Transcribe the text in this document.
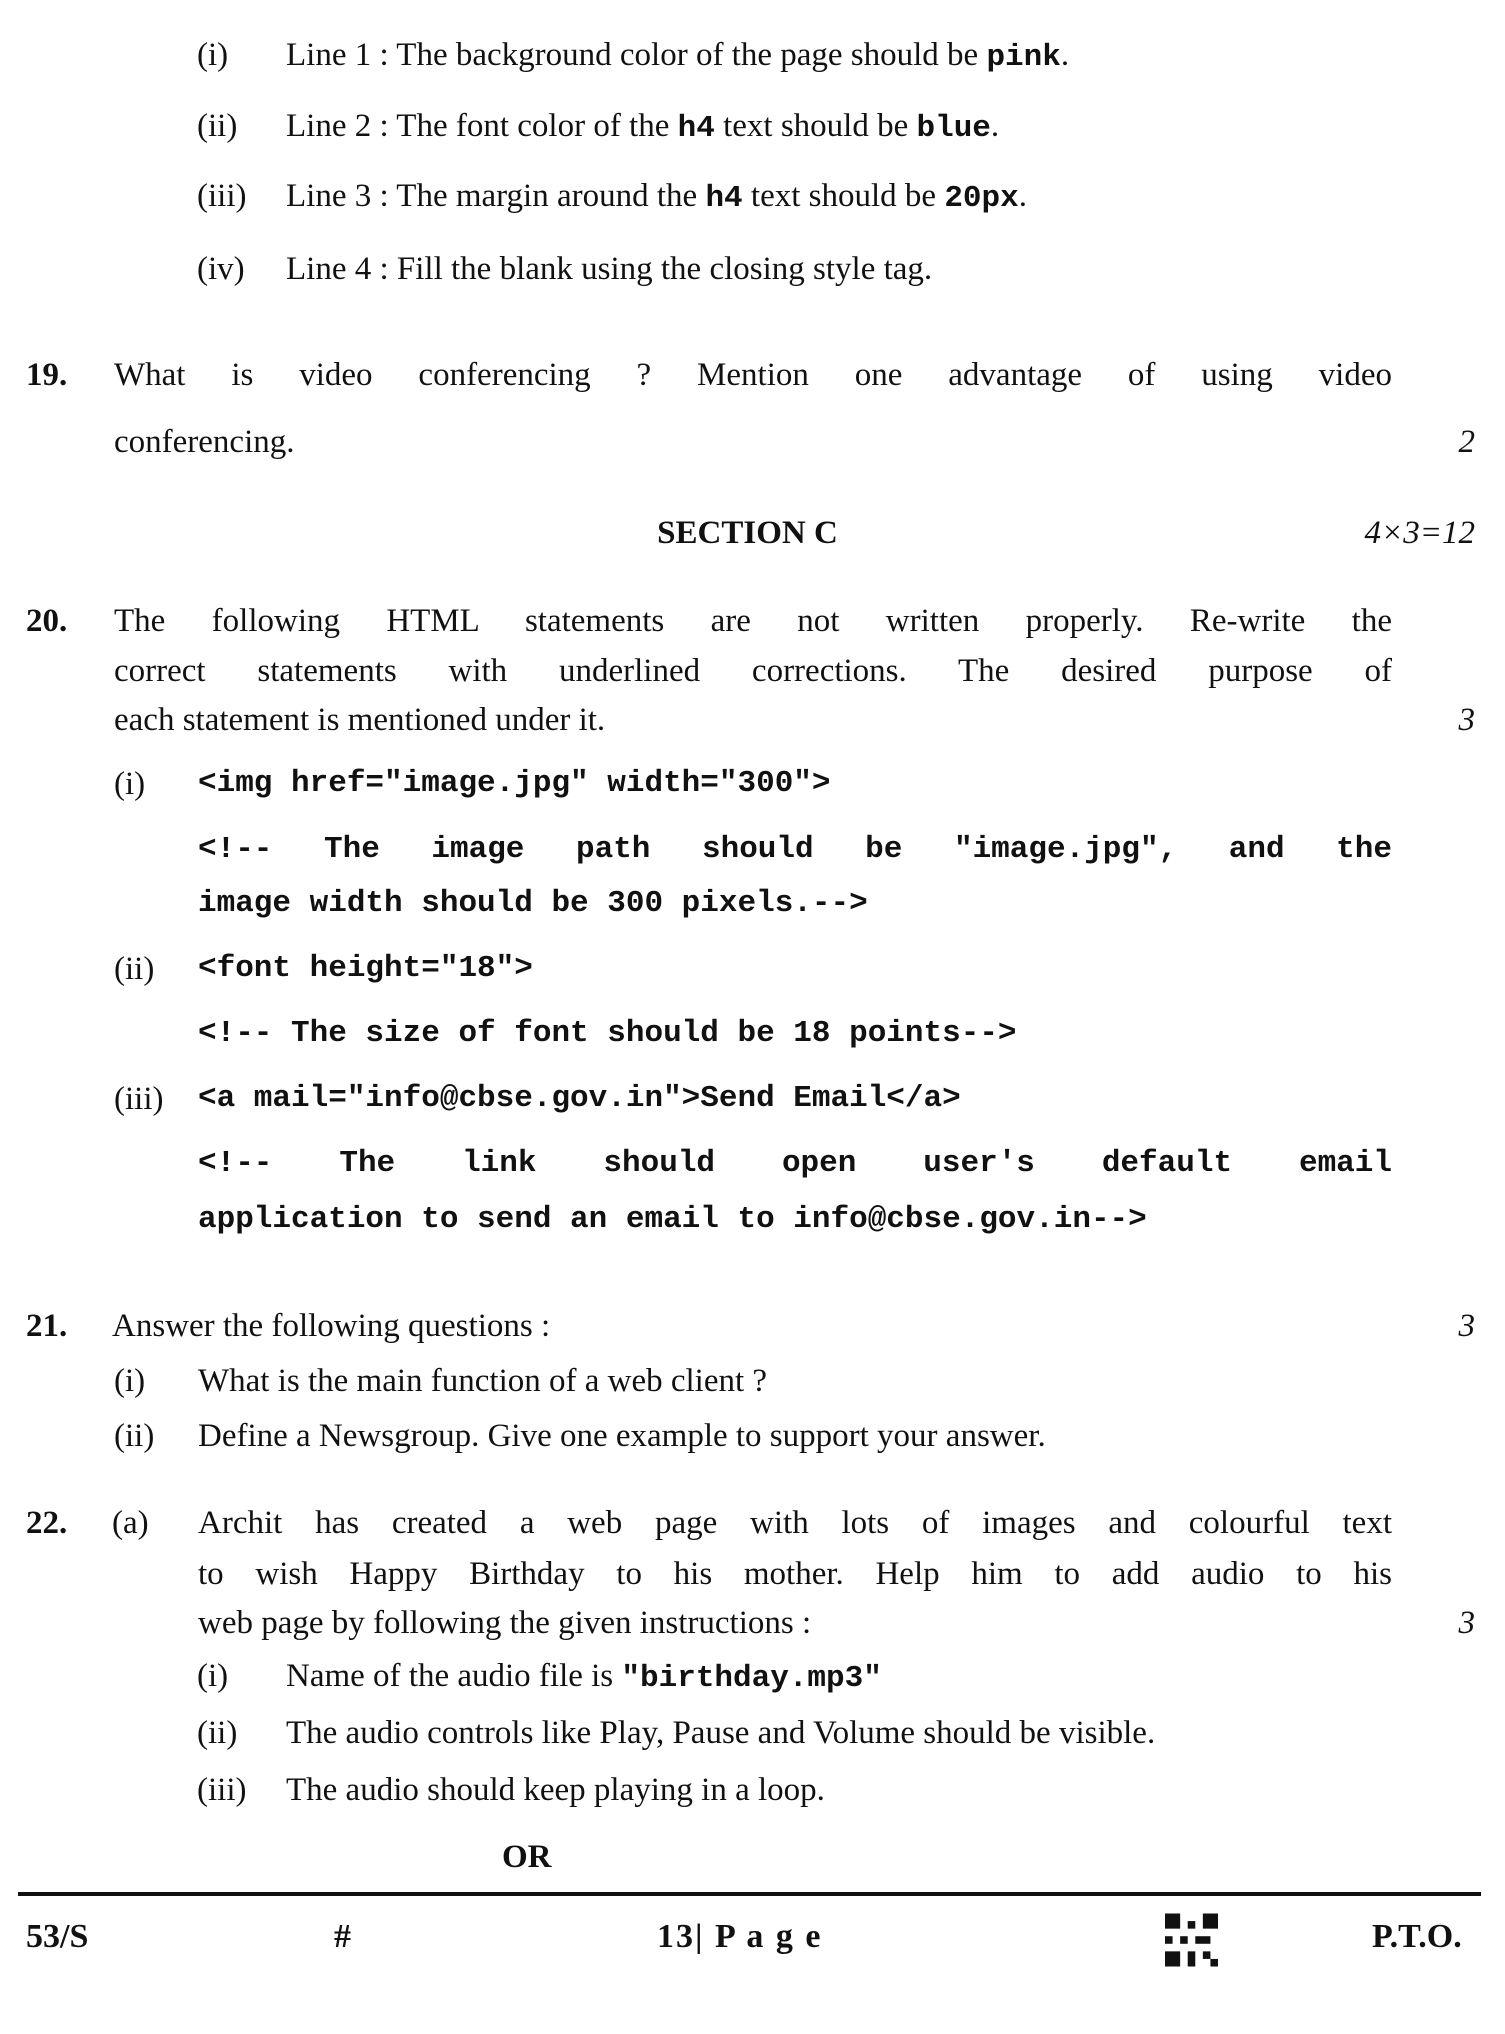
(i) Line 1 : The background color of the page should be pink.
(ii) Line 2 : The font color of the h4 text should be blue.
(iii) Line 3 : The margin around the h4 text should be 20px.
(iv) Line 4 : Fill the blank using the closing style tag.
19. What is video conferencing ? Mention one advantage of using video
conferencing.	2
SECTION C	4×3=12
20. The following HTML statements are not written properly. Re-write the
correct statements with underlined corrections. The desired purpose of
each statement is mentioned under it.	3
(i) <img href="image.jpg" width="300">
<!-- The image path should be "image.jpg", and the
image width should be 300 pixels.-->
(ii) <font height="18">
<!-- The size of font should be 18 points-->
(iii) <a mail="info@cbse.gov.in">Send Email</a>
<!-- The link should open user's default email
application to send an email to info@cbse.gov.in-->
21. Answer the following questions :	3
(i) What is the main function of a web client ?
(ii) Define a Newsgroup. Give one example to support your answer.
22. (a) Archit has created a web page with lots of images and colourful text
to wish Happy Birthday to his mother. Help him to add audio to his
web page by following the given instructions :	3
(i) Name of the audio file is "birthday.mp3"
(ii) The audio controls like Play, Pause and Volume should be visible.
(iii) The audio should keep playing in a loop.
OR
53/S	#	13| P a g e	P.T.O.
